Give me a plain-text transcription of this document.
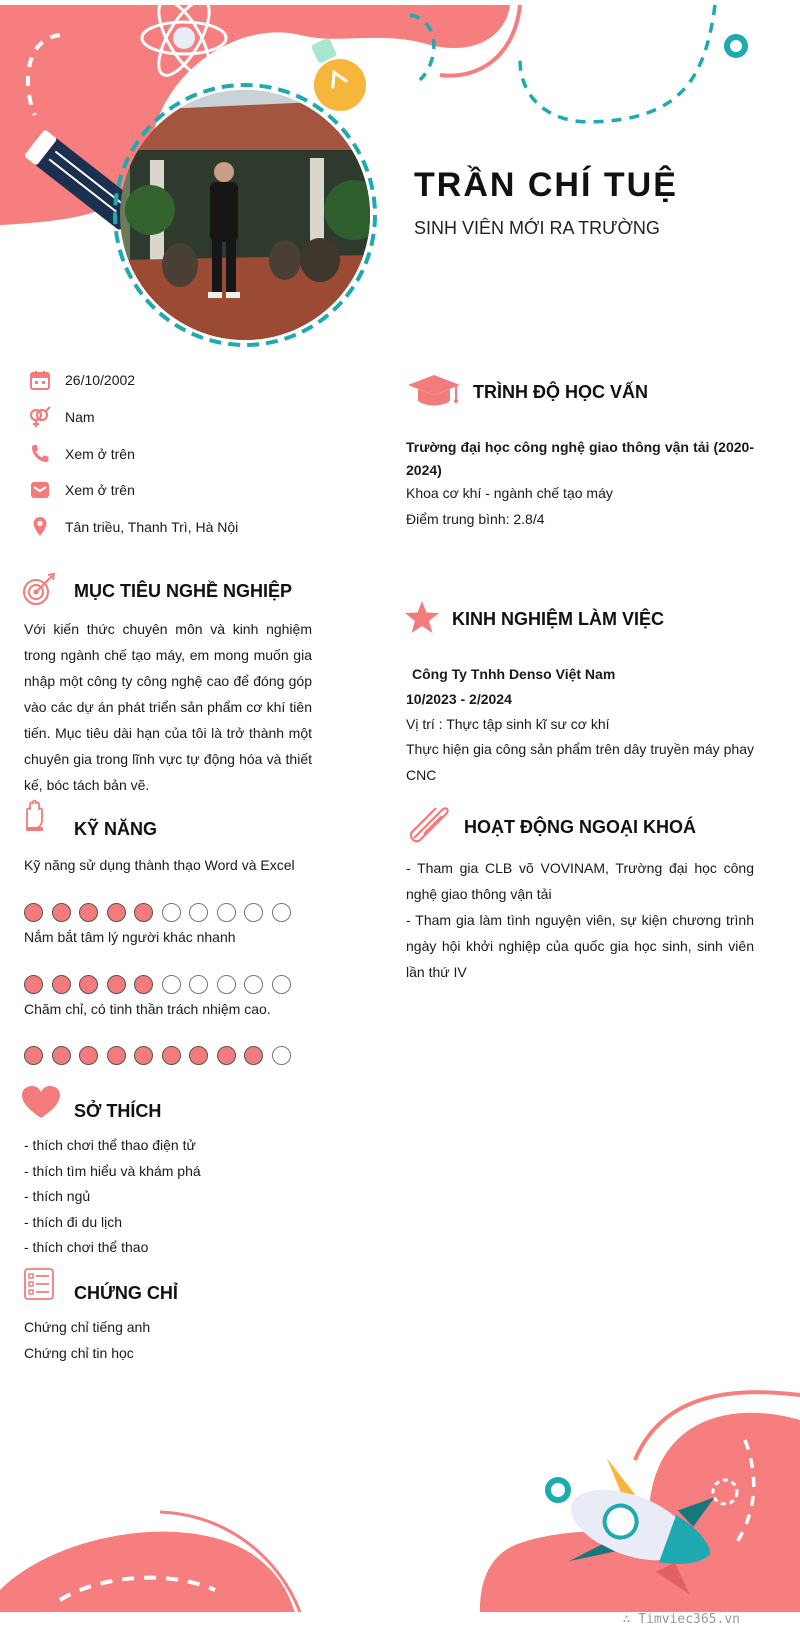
TRẦN CHÍ TUỆ
SINH VIÊN MỚI RA TRƯỜNG
26/10/2002
Nam
Xem ở trên
Xem ở trên
Tân triều, Thanh Trì, Hà Nội
MỤC TIÊU NGHỀ NGHIỆP
Với kiến thức chuyên môn và kinh nghiệm trong ngành chế tạo máy, em mong muốn gia nhập một công ty công nghệ cao để đóng góp vào các dự án phát triển sản phẩm cơ khí tiên tiến. Mục tiêu dài hạn của tôi là trở thành một chuyên gia trong lĩnh vực tự động hóa và thiết kế, bóc tách bản vẽ.
KỸ NĂNG
Kỹ năng sử dụng thành thạo Word và Excel
Nắm bắt tâm lý người khác nhanh
Chăm chỉ, có tinh thần trách nhiệm cao.
SỞ THÍCH
- thích chơi thể thao điện tử
- thích tìm hiểu và khám phá
- thích ngủ
- thích đi du lịch
- thích chơi thể thao
CHỨNG CHỈ
Chứng chỉ tiếng anh
Chứng chỉ tin học
TRÌNH ĐỘ HỌC VẤN
Trường đại học công nghệ giao thông vận tải (2020-2024)
Khoa cơ khí - ngành chế tạo máy
Điểm trung bình: 2.8/4
KINH NGHIỆM LÀM VIỆC
Công Ty Tnhh Denso Việt Nam
10/2023 - 2/2024
Vị trí : Thực tập sinh kĩ sư cơ khí
Thực hiện gia công sản phẩm trên dây truyền máy phay CNC
HOẠT ĐỘNG NGOẠI KHOÁ
- Tham gia CLB võ VOVINAM, Trường đại học công nghệ giao thông vận tải
- Tham gia làm tình nguyện viên, sự kiện chương trình ngày hội khởi nghiệp của quốc gia học sinh, sinh viên lần thứ IV
∴ Timviec365.vn
